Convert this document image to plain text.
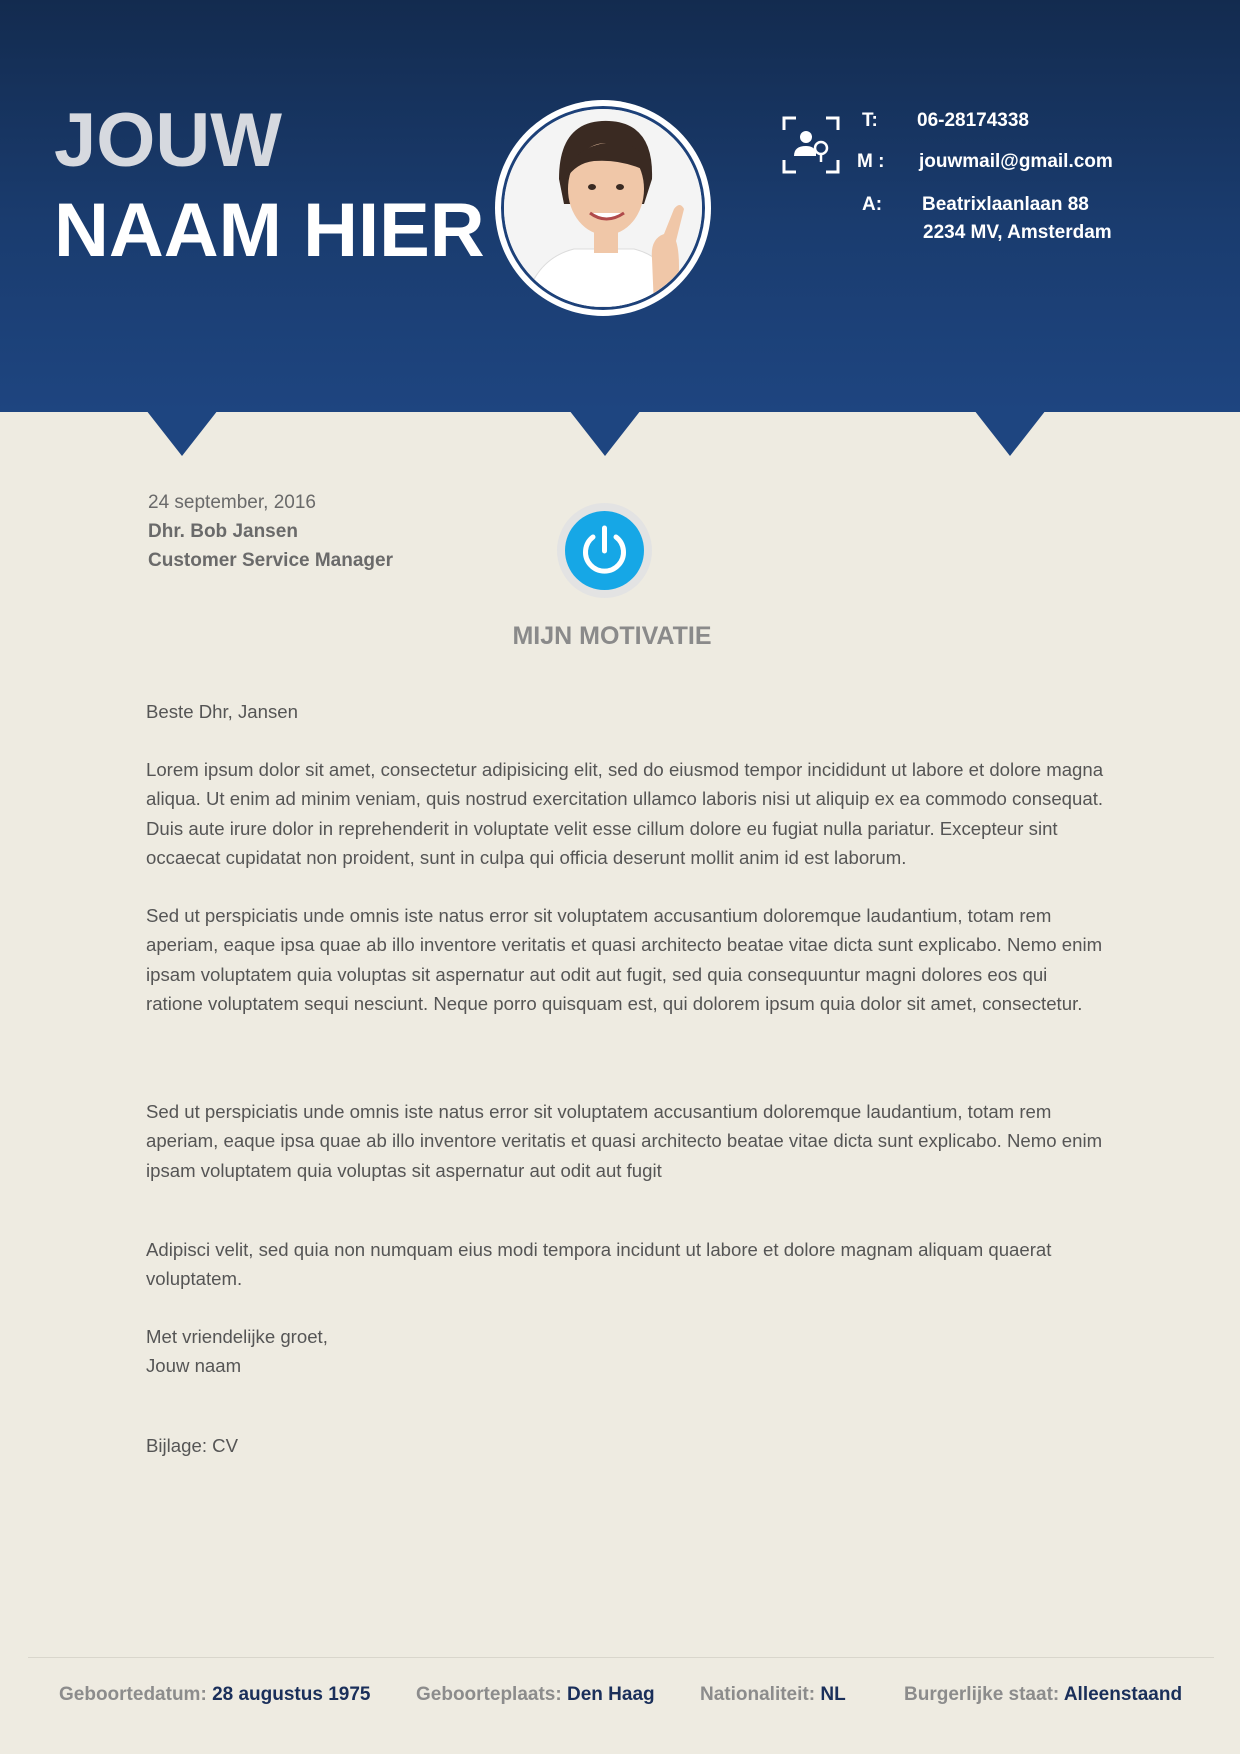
JOUW
NAAM HIER
T: 06-28174338
M : jouwmail@gmail.com
A: Beatrixlaanlaan 88
2234 MV, Amsterdam
24 september, 2016
Dhr. Bob Jansen
Customer Service Manager
MIJN MOTIVATIE
Beste Dhr, Jansen
Lorem ipsum dolor sit amet, consectetur adipisicing elit, sed do eiusmod tempor incididunt ut labore et dolore magna aliqua. Ut enim ad minim veniam, quis nostrud exercitation ullamco laboris nisi ut aliquip ex ea commodo consequat. Duis aute irure dolor in reprehenderit in voluptate velit esse cillum dolore eu fugiat nulla pariatur. Excepteur sint occaecat cupidatat non proident, sunt in culpa qui officia deserunt mollit anim id est laborum.
Sed ut perspiciatis unde omnis iste natus error sit voluptatem accusantium doloremque laudantium, totam rem aperiam, eaque ipsa quae ab illo inventore veritatis et quasi architecto beatae vitae dicta sunt explicabo. Nemo enim ipsam voluptatem quia voluptas sit aspernatur aut odit aut fugit, sed quia consequuntur magni dolores eos qui ratione voluptatem sequi nesciunt. Neque porro quisquam est, qui dolorem ipsum quia dolor sit amet, consectetur.
Sed ut perspiciatis unde omnis iste natus error sit voluptatem accusantium doloremque laudantium, totam rem aperiam, eaque ipsa quae ab illo inventore veritatis et quasi architecto beatae vitae dicta sunt explicabo. Nemo enim ipsam voluptatem quia voluptas sit aspernatur aut odit aut fugit
Adipisci velit, sed quia non numquam eius modi tempora incidunt ut labore et dolore magnam aliquam quaerat voluptatem.
Met vriendelijke groet,
Jouw naam
Bijlage: CV
Geboortedatum: 28 augustus 1975 Geboorteplaats: Den Haag Nationaliteit: NL	Burgerlijke staat: Alleenstaand
